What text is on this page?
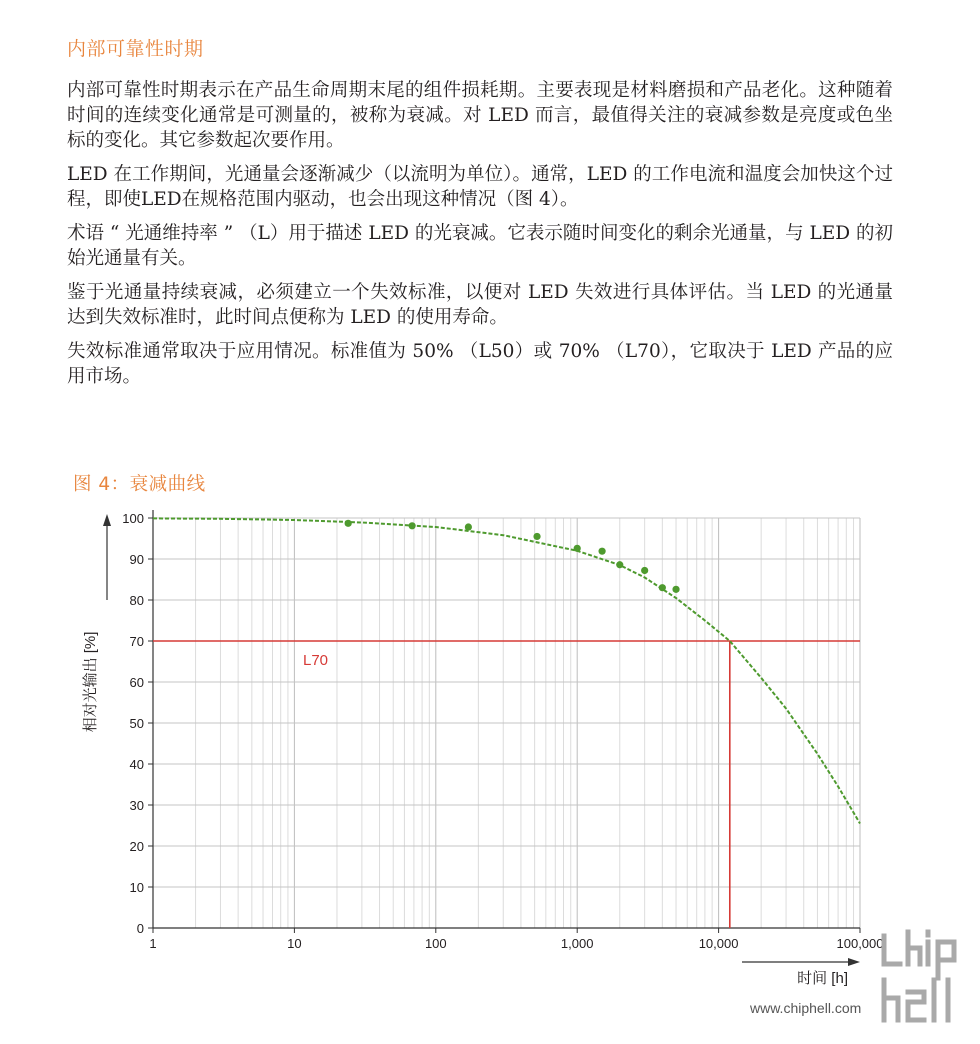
内部可靠性时期

内部可靠性时期表示在产品生命周期末尾的组件损耗期。主要表现是材料磨损和产品老化。这种随着时间的连续变化通常是可测量的，被称为衰减。对 LED 而言，最值得关注的衰减参数是亮度或色坐标的变化。其它参数起次要作用。

LED 在工作期间，光通量会逐渐减少（以流明为单位）。通常，LED 的工作电流和温度会加快这个过程，即使LED在规格范围内驱动，也会出现这种情况（图 4）。

术语 “ 光通维持率 ” （L）用于描述 LED 的光衰减。它表示随时间变化的剩余光通量，与 LED 的初始光通量有关。

鉴于光通量持续衰减，必须建立一个失效标准，以便对 LED 失效进行具体评估。当 LED 的光通量达到失效标准时，此时间点便称为 LED 的使用寿命。

失效标准通常取决于应用情况。标准值为 50% （L50）或 70% （L70），它取决于 LED 产品的应用市场。

图 4：衰减曲线
1	10	100	1,000	10,000	100,000
0
10
20
30
40
50
60
70
80
90
100
相对光输出 [%]
时间 [h]
L70
www.chiphell.com
